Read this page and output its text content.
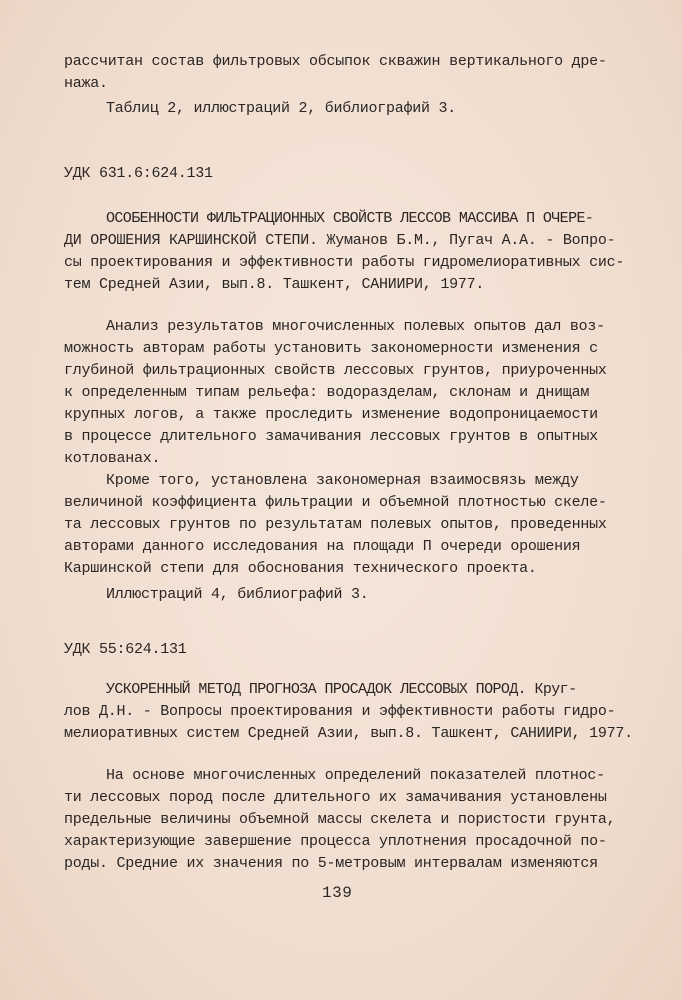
рассчитан состав фильтровых обсыпок скважин вертикального дре-
нажа.
Таблиц 2, иллюстраций 2, библиографий 3.
УДК 631.6:624.131
ОСОБЕННОСТИ ФИЛЬТРАЦИОННЫХ СВОЙСТВ ЛЕССОВ МАССИВА П ОЧЕРЕ-
ДИ ОРОШЕНИЯ КАРШИНСКОЙ СТЕПИ. Жуманов Б.М., Пугач А.А. - Вопро-
сы проектирования и эффективности работы гидромелиоративных сис-
тем Средней Азии, вып.8. Ташкент, САНИИРИ, 1977.
Анализ результатов многочисленных полевых опытов дал воз-
можность авторам работы установить закономерности изменения с
глубиной фильтрационных свойств лессовых грунтов, приуроченных
к определенным типам рельефа: водоразделам, склонам и днищам
крупных логов, а также проследить изменение водопроницаемости
в процессе длительного замачивания лессовых грунтов в опытных
котлованах.
Кроме того, установлена закономерная взаимосвязь между
величиной коэффициента фильтрации и объемной плотностью скеле-
та лессовых грунтов по результатам полевых опытов, проведенных
авторами данного исследования на площади П очереди орошения
Каршинской степи для обоснования технического проекта.
Иллюстраций 4, библиографий 3.
УДК 55:624.131
УСКОРЕННЫЙ МЕТОД ПРОГНОЗА ПРОСАДОК ЛЕССОВЫХ ПОРОД. Круг-
лов Д.Н. - Вопросы проектирования и эффективности работы гидро-
мелиоративных систем Средней Азии, вып.8. Ташкент, САНИИРИ, 1977.
На основе многочисленных определений показателей плотнос-
ти лессовых пород после длительного их замачивания установлены
предельные величины объемной массы скелета и пористости грунта,
характеризующие завершение процесса уплотнения просадочной по-
роды. Средние их значения по 5-метровым интервалам изменяются
139
